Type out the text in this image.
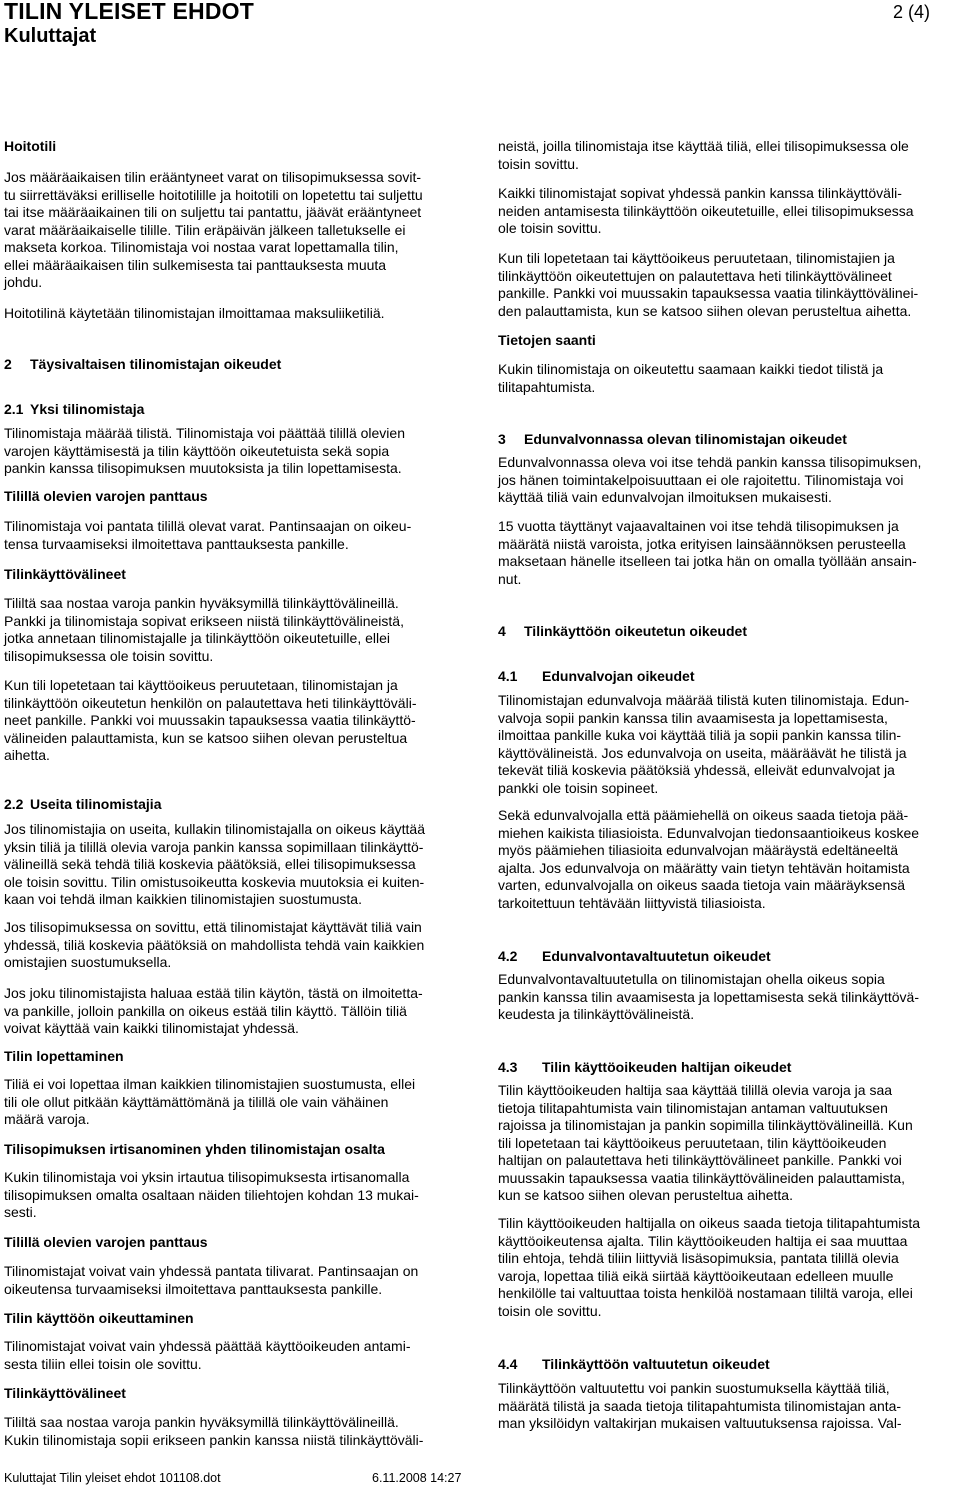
TILIN YLEISET EHDOT
Kuluttajat
2 (4)
Hoitotili
Jos määräaikaisen tilin erääntyneet varat on tilisopimuksessa sovit-
tu siirrettäväksi erilliselle hoitotilille ja hoitotili on lopetettu tai suljettu
tai itse määräaikainen tili on suljettu tai pantattu, jäävät erääntyneet
varat määräaikaiselle tilille. Tilin eräpäivän jälkeen talletukselle ei
makseta korkoa. Tilinomistaja voi nostaa varat lopettamalla tilin,
ellei määräaikaisen tilin sulkemisesta tai panttauksesta muuta
johdu.
Hoitotilinä käytetään tilinomistajan ilmoittamaa maksuliiketiliä.
2 Täysivaltaisen tilinomistajan oikeudet
2.1 Yksi tilinomistaja
Tilinomistaja määrää tilistä. Tilinomistaja voi päättää tilillä olevien
varojen käyttämisestä ja tilin käyttöön oikeutetuista sekä sopia
pankin kanssa tilisopimuksen muutoksista ja tilin lopettamisesta.
Tilillä olevien varojen panttaus
Tilinomistaja voi pantata tilillä olevat varat. Pantinsaajan on oikeu-
tensa turvaamiseksi ilmoitettava panttauksesta pankille.
Tilinkäyttövälineet
Tililtä saa nostaa varoja pankin hyväksymillä tilinkäyttövälineillä.
Pankki ja tilinomistaja sopivat erikseen niistä tilinkäyttövälineistä,
jotka annetaan tilinomistajalle ja tilinkäyttöön oikeutetuille, ellei
tilisopimuksessa ole toisin sovittu.
Kun tili lopetetaan tai käyttöoikeus peruutetaan, tilinomistajan ja
tilinkäyttöön oikeutetun henkilön on palautettava heti tilinkäyttöväli-
neet pankille. Pankki voi muussakin tapauksessa vaatia tilinkäyttö-
välineiden palauttamista, kun se katsoo siihen olevan perusteltua
aihetta.
2.2 Useita tilinomistajia
Jos tilinomistajia on useita, kullakin tilinomistajalla on oikeus käyttää
yksin tiliä ja tilillä olevia varoja pankin kanssa sopimillaan tilinkäyttö-
välineillä sekä tehdä tiliä koskevia päätöksiä, ellei tilisopimuksessa
ole toisin sovittu. Tilin omistusoikeutta koskevia muutoksia ei kuiten-
kaan voi tehdä ilman kaikkien tilinomistajien suostumusta.
Jos tilisopimuksessa on sovittu, että tilinomistajat käyttävät tiliä vain
yhdessä, tiliä koskevia päätöksiä on mahdollista tehdä vain kaikkien
omistajien suostumuksella.
Jos joku tilinomistajista haluaa estää tilin käytön, tästä on ilmoitetta-
va pankille, jolloin pankilla on oikeus estää tilin käyttö. Tällöin tiliä
voivat käyttää vain kaikki tilinomistajat yhdessä.
Tilin lopettaminen
Tiliä ei voi lopettaa ilman kaikkien tilinomistajien suostumusta, ellei
tili ole ollut pitkään käyttämättömänä ja tilillä ole vain vähäinen
määrä varoja.
Tilisopimuksen irtisanominen yhden tilinomistajan osalta
Kukin tilinomistaja voi yksin irtautua tilisopimuksesta irtisanomalla
tilisopimuksen omalta osaltaan näiden tiliehtojen kohdan 13 mukai-
sesti.
Tilillä olevien varojen panttaus
Tilinomistajat voivat vain yhdessä pantata tilivarat. Pantinsaajan on
oikeutensa turvaamiseksi ilmoitettava panttauksesta pankille.
Tilin käyttöön oikeuttaminen
Tilinomistajat voivat vain yhdessä päättää käyttöoikeuden antami-
sesta tiliin ellei toisin ole sovittu.
Tilinkäyttövälineet
Tililtä saa nostaa varoja pankin hyväksymillä tilinkäyttövälineillä.
Kukin tilinomistaja sopii erikseen pankin kanssa niistä tilinkäyttöväli-
neistä, joilla tilinomistaja itse käyttää tiliä, ellei tilisopimuksessa ole
toisin sovittu.
Kaikki tilinomistajat sopivat yhdessä pankin kanssa tilinkäyttöväli-
neiden antamisesta tilinkäyttöön oikeutetuille, ellei tilisopimuksessa
ole toisin sovittu.
Kun tili lopetetaan tai käyttöoikeus peruutetaan, tilinomistajien ja
tilinkäyttöön oikeutettujen on palautettava heti tilinkäyttövälineet
pankille. Pankki voi muussakin tapauksessa vaatia tilinkäyttövälinei-
den palauttamista, kun se katsoo siihen olevan perusteltua aihetta.
Tietojen saanti
Kukin tilinomistaja on oikeutettu saamaan kaikki tiedot tilistä ja
tilitapahtumista.
3 Edunvalvonnassa olevan tilinomistajan oikeudet
Edunvalvonnassa oleva voi itse tehdä pankin kanssa tilisopimuksen,
jos hänen toimintakelpoisuuttaan ei ole rajoitettu. Tilinomistaja voi
käyttää tiliä vain edunvalvojan ilmoituksen mukaisesti.
15 vuotta täyttänyt vajaavaltainen voi itse tehdä tilisopimuksen ja
määrätä niistä varoista, jotka erityisen lainsäännöksen perusteella
maksetaan hänelle itselleen tai jotka hän on omalla työllään ansain-
nut.
4 Tilinkäyttöön oikeutetun oikeudet
4.1 Edunvalvojan oikeudet
Tilinomistajan edunvalvoja määrää tilistä kuten tilinomistaja. Edun-
valvoja sopii pankin kanssa tilin avaamisesta ja lopettamisesta,
ilmoittaa pankille kuka voi käyttää tiliä ja sopii pankin kanssa tilin-
käyttövälineistä. Jos edunvalvoja on useita, määräävät he tilistä ja
tekevät tiliä koskevia päätöksiä yhdessä, elleivät edunvalvojat ja
pankki ole toisin sopineet.
Sekä edunvalvojalla että päämiehellä on oikeus saada tietoja pää-
miehen kaikista tiliasioista. Edunvalvojan tiedonsaantioikeus koskee
myös päämiehen tiliasioita edunvalvojan määräystä edeltäneeltä
ajalta. Jos edunvalvoja on määrätty vain tietyn tehtävän hoitamista
varten, edunvalvojalla on oikeus saada tietoja vain määräyksensä
tarkoitettuun tehtävään liittyvistä tiliasioista.
4.2 Edunvalvontavaltuutetun oikeudet
Edunvalvontavaltuutetulla on tilinomistajan ohella oikeus sopia
pankin kanssa tilin avaamisesta ja lopettamisesta sekä tilinkäyttövä-
keudesta ja tilinkäyttövälineistä.
4.3 Tilin käyttöoikeuden haltijan oikeudet
Tilin käyttöoikeuden haltija saa käyttää tilillä olevia varoja ja saa
tietoja tilitapahtumista vain tilinomistajan antaman valtuutuksen
rajoissa ja tilinomistajan ja pankin sopimilla tilinkäyttövälineillä. Kun
tili lopetetaan tai käyttöoikeus peruutetaan, tilin käyttöoikeuden
haltijan on palautettava heti tilinkäyttövälineet pankille. Pankki voi
muussakin tapauksessa vaatia tilinkäyttövälineiden palauttamista,
kun se katsoo siihen olevan perusteltua aihetta.
Tilin käyttöoikeuden haltijalla on oikeus saada tietoja tilitapahtumista
käyttöoikeutensa ajalta. Tilin käyttöoikeuden haltija ei saa muuttaa
tilin ehtoja, tehdä tiliin liittyviä lisäsopimuksia, pantata tilillä olevia
varoja, lopettaa tiliä eikä siirtää käyttöoikeutaan edelleen muulle
henkilölle tai valtuuttaa toista henkilöä nostamaan tililtä varoja, ellei
toisin ole sovittu.
4.4 Tilinkäyttöön valtuutetun oikeudet
Tilinkäyttöön valtuutettu voi pankin suostumuksella käyttää tiliä,
määrätä tilistä ja saada tietoja tilitapahtumista tilinomistajan anta-
man yksilöidyn valtakirjan mukaisen valtuutuksensa rajoissa. Val-
Kuluttajat Tilin yleiset ehdot 101108.dot	6.11.2008 14:27
